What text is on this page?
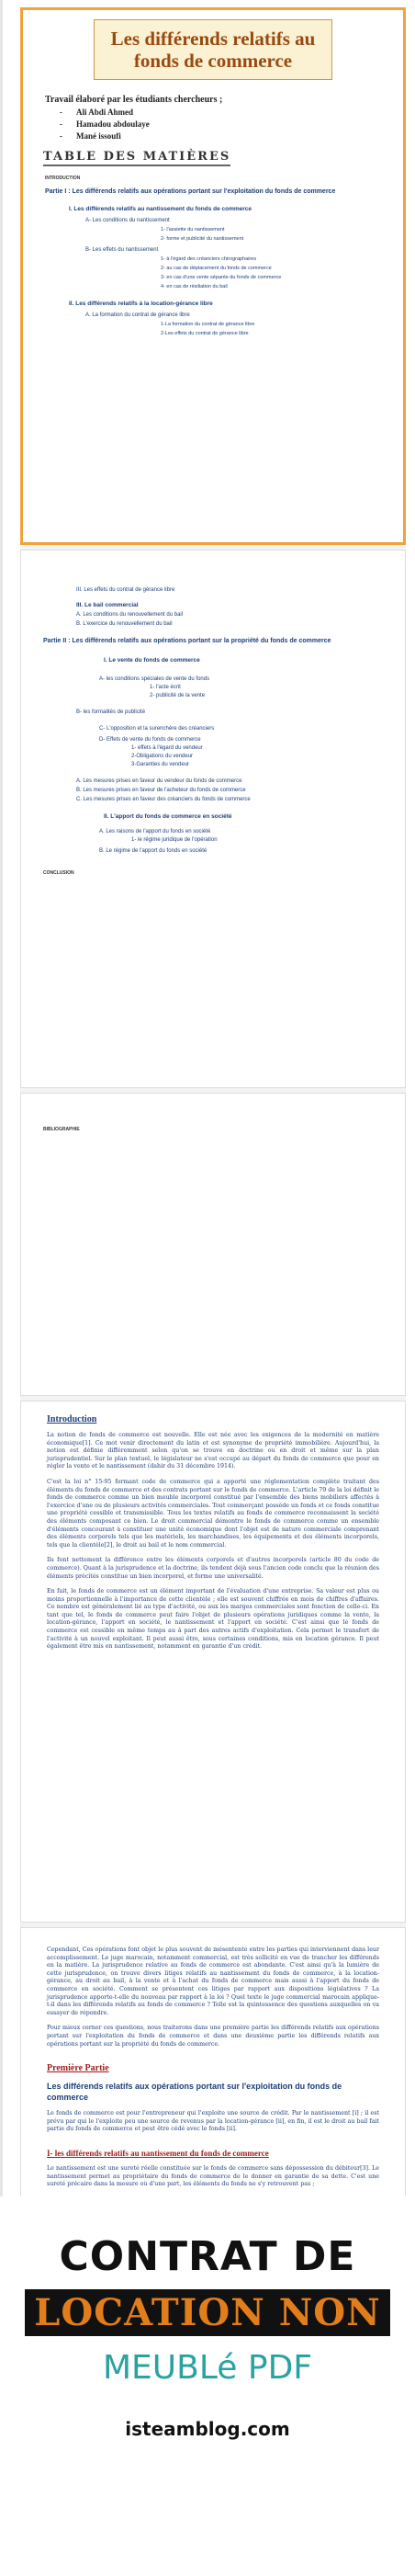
Les différends relatifs au fonds de commerce
Travail élaboré par les étudiants chercheurs ;
- Ali Abdi Ahmed
- Hamadou abdoulaye
- Mané issoufi
TABLE DES MATIÈRES
INTRODUCTION
Partie I : Les différends relatifs aux opérations portant sur l'exploitation du fonds de commerce
I. Les différends relatifs au nantissement du fonds de commerce
A- Les conditions du nantissement
1- l'assiette du nantissement
2- forme et publicité du nantissement
B- Les effets du nantissement
1- à l'égard des créanciers chirographaires
2- au cas de déplacement du fonds de commerce
3- en cas d'une vente séparée du fonds de commerce
4- en cas de résiliation du bail
II. Les différends relatifs à la location-gérance libre
A. La formation du contrat de gérance libre
1-La formation du contrat de gérance libre
2-Les effets du contrat de gérance libre
III. Les effets du contrat de gérance libre
III. Le bail commercial
A. Les conditions du renouvellement du bail
B. L'exercice du renouvellement du bail
Partie II : Les différends relatifs aux opérations portant sur la propriété du fonds de commerce
I. Le vente du fonds de commerce
A- les conditions spéciales de vente du fonds
1- l'acte écrit
2- publicité de la vente
B- les formalités de publicité
C- L'opposition et la surenchère des créanciers
D- Effets de vente du fonds de commerce
1- effets à l'égard du vendeur
2-Obligations du vendeur
3-Garanties du vendeur
A. Les mesures prises en faveur du vendeur du fonds de commerce
B. Les mesures prises en faveur de l'acheteur du fonds de commerce
C. Les mesures prises en faveur des créanciers du fonds de commerce
II. L'apport du fonds de commerce en société
A. Les raisons de l'apport du fonds en société
1- le régime juridique de l'opération
B. Le régime de l'apport du fonds en société
CONCLUSION
BIBLIOGRAPHIE
Introduction
La notion de fonds de commerce est nouvelle. Elle est née avec les exigences de la modernité en matière économique[1]. Ce mot venir directement du latin et est synonyme de propriété immobilière. Aujourd'hui, la notion est définie différemment selon qu'on se trouve en doctrine ou en droit et même sur la plan jurisprudentiel. Sur le plan textuel, le législateur ne s'est occupé au départ du fonds de commerce que pour en régler la vente et le nantissement (dahir du 31 décembre 1914).
C'est la loi n° 15-95 formant code de commerce qui a apporté une réglementation complète traitant des éléments du fonds de commerce et des contrats portant sur le fonds de commerce. L'article 79 de la loi définit le fonds de commerce comme un bien meuble incorporel constitué par l'ensemble des biens mobiliers affectés à l'exercice d'une ou de plusieurs activités commerciales. Tout commerçant possède un fonds et ce fonds constitue une propriété cessible et transmissible. Tous les textes relatifs au fonds de commerce reconnaissent la société des éléments composant ce bien. Le droit commercial démontre le fonds de commerce comme un ensemble d'éléments concourant à constituer une unité économique dont l'objet est de nature commerciale comprenant des éléments corporels tels que les matériels, les marchandises, les équipements et des éléments incorporels, tels que la clientèle[2], le droit au bail et le nom commercial.
Ils font nettement la différence entre les éléments corporels et d'autres incorporels (article 80 du code de commerce). Quant à la jurisprudence et la doctrine, ils tendent déjà sous l'ancien code conclu que la réunion des éléments précités constitue un bien incorporel, et forme une universalité.
En fait, le fonds de commerce est un élément important de l'évaluation d'une entreprise. Sa valeur est plus ou moins proportionnelle à l'importance de cette clientèle ; elle est souvent chiffrée en mois de chiffres d'affaires. Ce nombre est généralement lié au type d'activité, ou aux les marges commerciales sont fonction de celle-ci. En tant que tel, le fonds de commerce peut faire l'objet de plusieurs opérations juridiques comme la vente, la location-gérance, l'apport en société, le nantissement et l'apport en société. C'est ainsi que le fonds de commerce est cessible en même temps au à part des autres actifs d'exploitation. Cela permet le transfert de l'activité à un nouvel exploitant. Il peut aussi être, sous certaines conditions, mis en location gérance. Il peut également être mis en nantissement, notamment en garantie d'un crédit.
Cependant, Ces opérations font objet le plus souvent de mésentente entre les parties qui interviennent dans leur accomplissement. Le juge marocain, notamment commercial, est très sollicité en vue de trancher les différends en la matière. La jurisprudence relative au fonds de commerce est abondante. C'est ainsi qu'à la lumière de cette jurisprudence, on trouve divers litiges relatifs au nantissement du fonds de commerce, à la location-gérance, au droit au bail, à la vente et à l'achat du fonds de commerce mais aussi à l'apport du fonds de commerce en société. Comment se présentent ces litiges par rapport aux dispositions législatives ? La jurisprudence apporte-t-elle du nouveau par rapport à la loi ? Quel texte le juge commercial marocain applique-t-il dans les différends relatifs au fonds de commerce ? Telle est la quintessence des questions auxquelles on va essayer de répondre.
Pour mieux cerner ces questions, nous traiterons dans une première partie les différends relatifs aux opérations portant sur l'exploitation du fonds de commerce et dans une deuxième partie les différends relatifs aux opérations portant sur la propriété du fonds de commerce.
Première Partie
Les différends relatifs aux opérations portant sur l'exploitation du fonds de commerce
Le fonds de commerce est pour l'entrepreneur qui l'exploite une source de crédit. Par le nantissement [i] ; il est prévu par qui le l'exploite peu une source de revenus par la location-gérance [ii], en fin, il est le droit au bail fait partie du fonds de commerce et peut être cédé avec le fonds [ii].
I- les différends relatifs au nantissement du fonds de commerce
Le nantissement est une sureté réelle constituée sur le fonds de commerce sans dépossession du débiteur[3]. Le nantissement permet au propriétaire du fonds de commerce de le donner en garantie de sa dette. C'est une sureté précaire dans la mesure où d'une part, les éléments du fonds ne s'y retrouvent pas ;
CONTRAT DE
LOCATION NON
MEUBLé PDF
isteamblog.com
